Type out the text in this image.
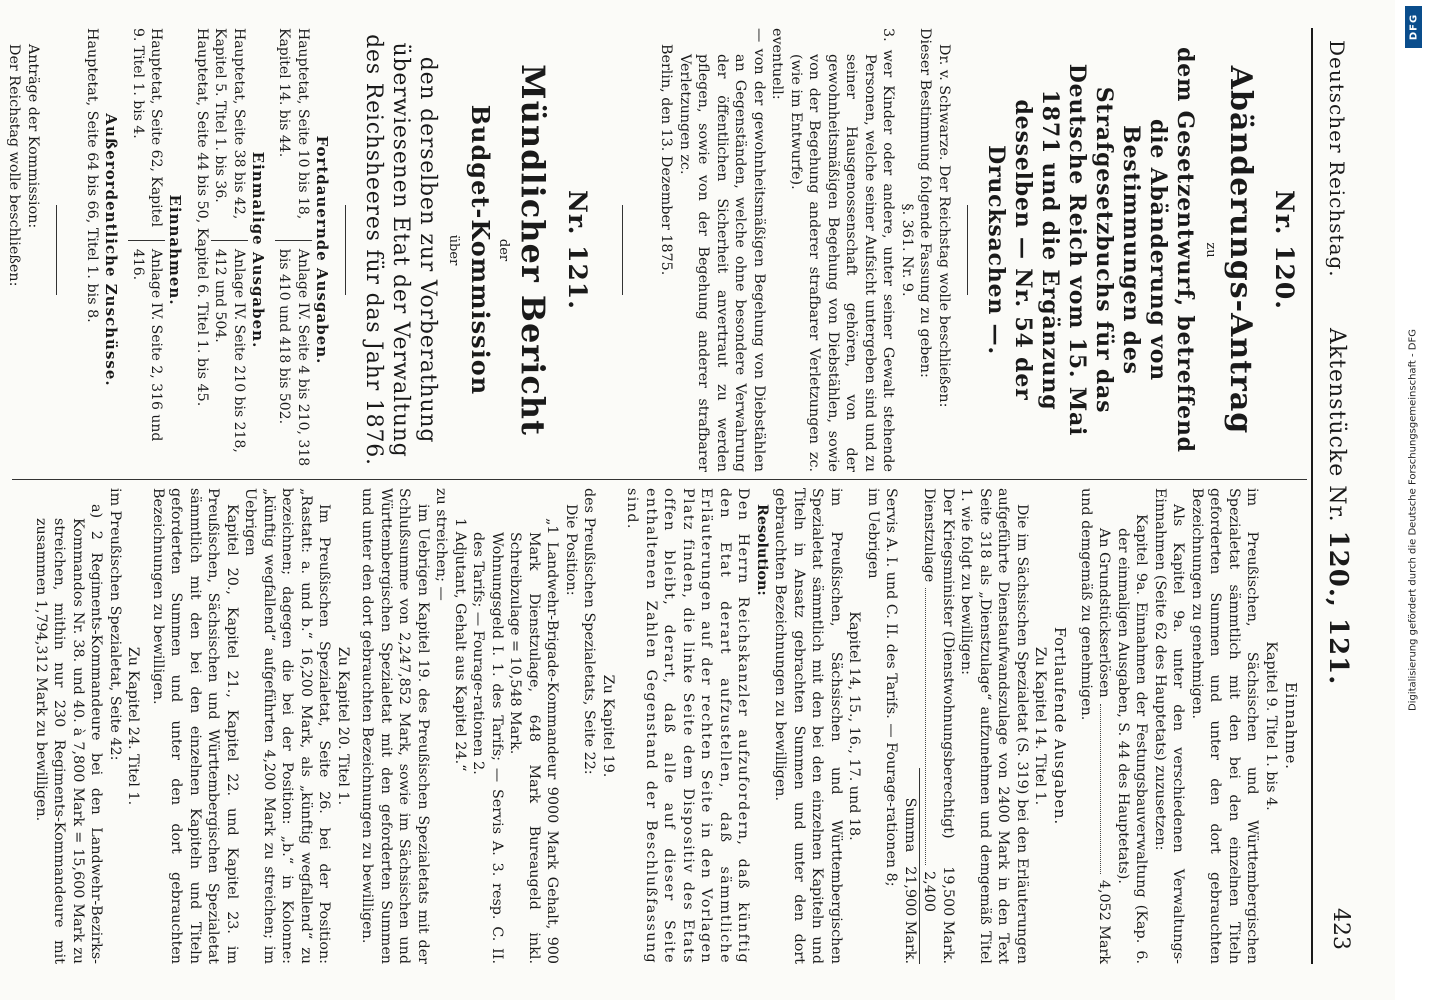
Deutscher Reichstag.
Aktenstücke Nr. 120., 121.
423
Nr. 120.
Abänderungs-Antrag
zu
dem Gesetzentwurf, betreffend die Abänderung von Bestimmungen des Strafgesetzbuchs für das Deutsche Reich vom 15. Mai 1871 und die Ergänzung desselben — Nr. 54 der Drucksachen —.

Dr. v. Schwarze. Der Reichstag wolle beschließen:

Dieser Bestimmung folgende Fassung zu geben:

§. 361. Nr. 9.

3. wer Kinder oder andere, unter seiner Gewalt stehende Personen, welche seiner Aufsicht untergeben sind und zu seiner Hausgenossenschaft gehören, von der gewohnheitsmäßigen Begehung von Diebstählen, sowie von der Begehung anderer strafbarer Verletzungen zc. (wie im Entwurfe).

eventuell:

— von der gewohnheitsmäßigen Begehung von Diebstählen an Gegenständen, welche ohne besondere Verwahrung der öffentlichen Sicherheit anvertraut zu werden pflegen, sowie von der Begehung anderer strafbarer Verletzungen zc.

Berlin, den 13. Dezember 1875.

Nr. 121.
Mündlicher Bericht
der
Budget-Kommission
über
den derselben zur Vorberathung überwiesenen Etat der Verwaltung des Reichsheeres für das Jahr 1876.
Fortdauernde Ausgaben.
Hauptetat, Seite 10 bis 18, Kapitel 14. bis 44.
Anlage IV. Seite 4 bis 210, 318 bis 410 und 418 bis 502.
Einmalige Ausgaben.
Hauptetat, Seite 38 bis 42, Kapitel 5. Titel 1. bis 36.
Anlage IV. Seite 210 bis 218, 412 und 504.

Hauptetat, Seite 44 bis 50, Kapitel 6. Titel 1. bis 45.

Einnahmen.
Hauptetat, Seite 62, Kapitel 9. Titel 1. bis 4.
Anlage IV. Seite 2, 316 und 416.
Außerordentliche Zuschüsse.

Hauptetat, Seite 64 bis 66, Titel 1. bis 8.

Anträge der Kommission:

Der Reichstag wolle beschließen:

Einnahme.

Kapitel 9. Titel 1. bis 4.

im Preußischen, Sächsischen und Württembergischen Spezialetat sämmtlich mit den bei den einzelnen Titeln geforderten Summen und unter den dort gebrauchten Bezeichnungen zu genehmigen.

Als Kapitel 9a. unter den verschiedenen Verwaltungs-Einnahmen (Seite 62 des Hauptetats) zuzusetzen:

Kapitel 9a. Einnahmen der Festungsbauverwaltung (Kap. 6. der einmaligen Ausgaben, S. 44 des Hauptetats).

An Grundstückserlösen
4,052 Mark

und demgemäß zu genehmigen.

Fortlaufende Ausgaben.

Zu Kapitel 14. Titel 1.

Die im Sächsischen Spezialetat (S. 319) bei den Erläuterungen aufgeführte Dienstaufwandszulage von 2400 Mark in den Text Seite 318 als „Dienstzulage“ aufzunehmen und demgemäß Titel 1. wie folgt zu bewilligen:

Der Kriegsminister (Dienstwohnungsberechtigt)
19,500 Mark.
Dienstzulage
2,400
Summa
21,900 Mark.

Servis A. I. und C. II. des Tarifs. — Fourage-rationen 8;

im Uebrigen

Kapitel 14, 15., 16., 17. und 18.

im Preußischen, Sächsischen und Württembergischen Spezialetat sämmtlich mit den bei den einzelnen Kapiteln und Titeln in Ansatz gebrachten Summen und unter den dort gebrauchten Bezeichnungen zu bewilligen.

Resolution:

Den Herrn Reichskanzler aufzufordern, daß künftig den Etat derart aufzustellen, daß sämmtliche Erläuterungen auf der rechten Seite in den Vorlagen Platz finden, die linke Seite dem Dispositiv des Etats offen bleibt, derart, daß alle auf dieser Seite enthaltenen Zahlen Gegenstand der Beschlußfassung sind.

Zu Kapitel 19.

des Preußischen Spezialetats, Seite 22:

Die Position:

„1 Landwehr-Brigade-Kommandeur 9000 Mark Gehalt, 900 Mark Dienstzulage, 648 Mark Bureaugeld inkl. Schreibzulage = 10,548 Mark.

Wohnungsgeld I. 1. des Tarifs; — Servis A. 3. resp. C. II. des Tarifs; — Fourage-rationen 2.

1 Adjutant, Gehalt aus Kapitel 24.“

zu streichen; —

im Uebrigen Kapitel 19. des Preußischen Spezialetats mit der Schlußsumme von 2,247,852 Mark, sowie im Sächsischen und Württembergischen Spezialetat mit den geforderten Summen und unter den dort gebrauchten Bezeichnungen zu bewilligen.

Zu Kapitel 20. Titel 1.

Im Preußischen Spezialetat, Seite 26. bei der Position: „Rastatt: a. und b.“ 16,200 Mark, als „künftig wegfallend“ zu bezeichnen; dagegen die bei der Position: „b.“ in Kolonne: „künftig wegfallend“ aufgeführten 4,200 Mark zu streichen; im Uebrigen

Kapitel 20., Kapitel 21., Kapitel 22. und Kapitel 23. im Preußischen, Sächsischen und Württembergischen Spezialetat sämmtlich mit den bei den einzelnen Kapiteln und Titeln geforderten Summen und unter den dort gebrauchten Bezeichnungen zu bewilligen.

Zu Kapitel 24. Titel 1.

im Preußischen Spezialetat, Seite 42:

a) 2 Regiments-Kommandeure bei den Landwehr-Bezirks-Kommandos Nr. 38. und 40. à 7,800 Mark = 15,600 Mark zu streichen, mithin nur 230 Regiments-Kommandeure mit zusammen 1,794,312 Mark zu bewilligen.

DFG
Digitalisierung gefördert durch die Deutsche Forschungsgemeinschaft - DFG
